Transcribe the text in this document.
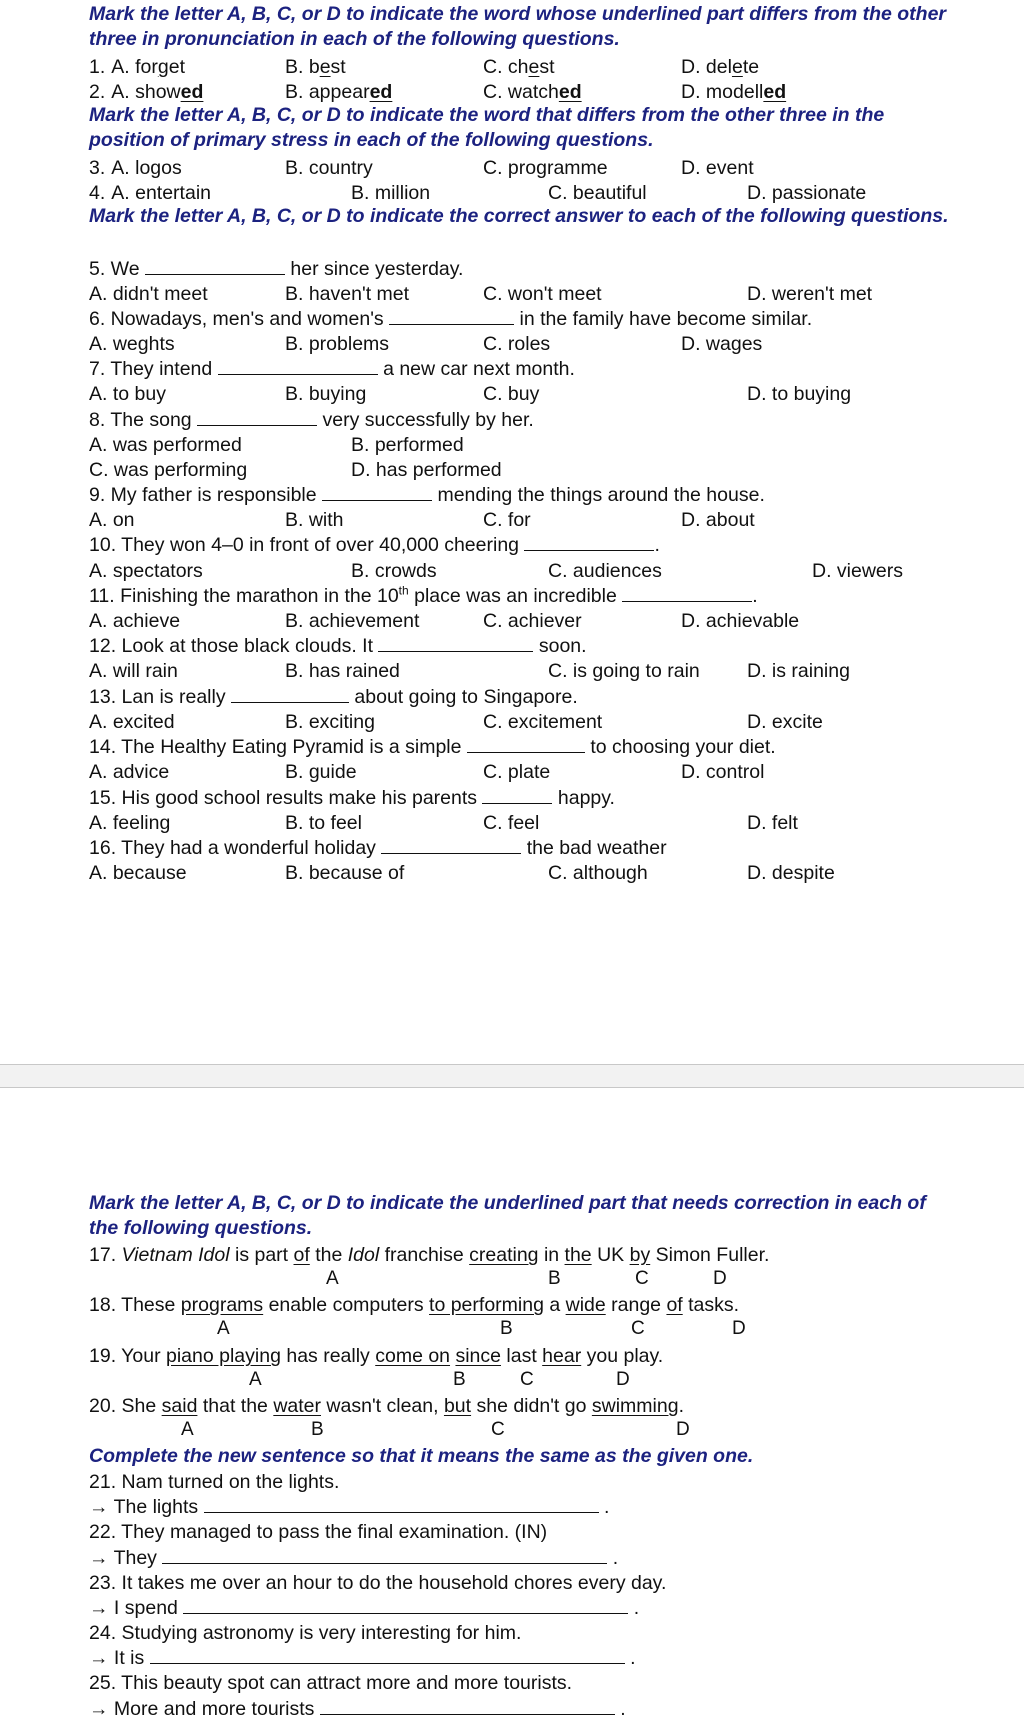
Mark the letter A, B, C, or D to indicate the word whose underlined part differs from the other three in pronunciation in each of the following questions.
A. forget	B. best	C. chest	D. delete
1.
A. showed	B. appeared	C. watched	D. modelled
2.
Mark the letter A, B, C, or D to indicate the word that differs from the other three in the position of primary stress in each of the following questions.
A. logos	B. country	C. programme	D. event
3.
A. entertain	B. million	C. beautiful	D. passionate
4.
Mark the letter A, B, C, or D to indicate the correct answer to each of the following questions.
5. We	her since yesterday.
A. didn't meet	B. haven't met	C. won't meet	D. weren't met
6. Nowadays, men's and women's	in the family have become similar.
A. weghts	B. problems	C. roles	D. wages
7. They intend	a new car next month.
A. to buy	B. buying	C. buy	D. to buying
8. The song	very successfully by her.
A. was performed	B. performed
C. was performing	D. has performed
9. My father is responsible	mending the things around the house.
A. on	B. with	C. for	D. about
10. They won 4–0 in front of over 40,000 cheering	.
A. spectators	B. crowds	C. audiences	D. viewers
11. Finishing the marathon in the 10th place was an incredible	.
A. achieve	B. achievement	C. achiever	D. achievable
12. Look at those black clouds. It	soon.
A. will rain	B. has rained	C. is going to rain D. is raining
13. Lan is really	about going to Singapore.
A. excited	B. exciting	C. excitement	D. excite
14. The Healthy Eating Pyramid is a simple	to choosing your diet.
A. advice	B. guide	C. plate	D. control
15. His good school results make his parents	happy.
A. feeling	B. to feel	C. feel	D. felt
16. They had a wonderful holiday	the bad weather
A. because	B. because of	C. although	D. despite
Mark the letter A, B, C, or D to indicate the underlined part that needs correction in each of the following questions.
17. Vietnam Idol is part of the Idol franchise creating in the UK by Simon Fuller.
A	B	C	D
18. These programs enable computers to performing a wide range of tasks.
A	B	C	D
19. Your piano playing has really come on since last hear you play.
A	B	C	D
20. She said that the water wasn't clean, but she didn't go swimming.
A	B	C	D
Complete the new sentence so that it means the same as the given one.
21. Nam turned on the lights.
→ The lights	.
22. They managed to pass the final examination. (IN)
→ They	.
23. It takes me over an hour to do the household chores every day.
→ I spend	.
24. Studying astronomy is very interesting for him.
→ It is	.
25. This beauty spot can attract more and more tourists.
→ More and more tourists	.
